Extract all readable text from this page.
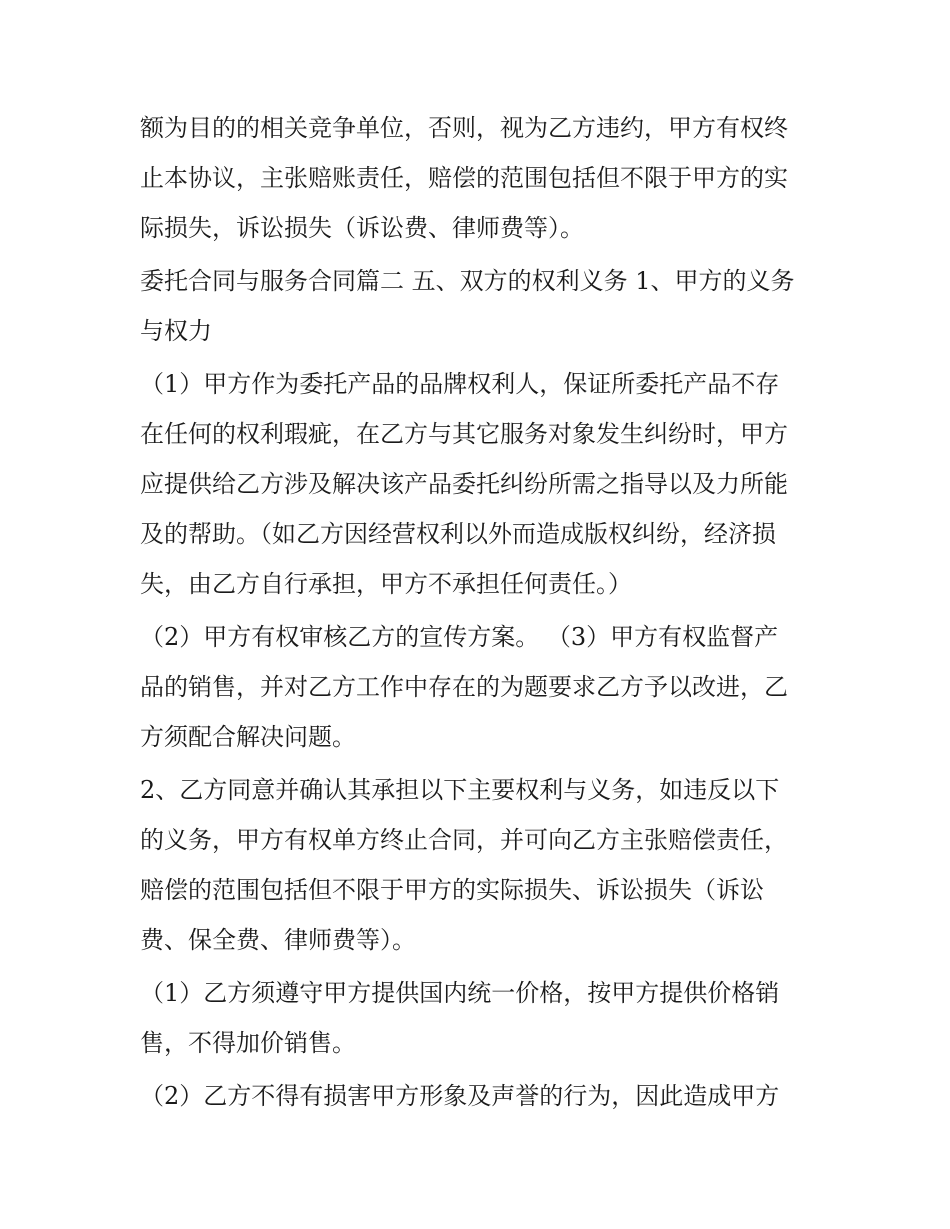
额为目的的相关竞争单位，否则，视为乙方违约，甲方有权终
止本协议，主张赔账责任，赔偿的范围包括但不限于甲方的实
际损失，诉讼损失（诉讼费、律师费等）。
委托合同与服务合同篇二 五、双方的权利义务 1、甲方的义务
与权力
（1）甲方作为委托产品的品牌权利人，保证所委托产品不存
在任何的权利瑕疵，在乙方与其它服务对象发生纠纷时，甲方
应提供给乙方涉及解决该产品委托纠纷所需之指导以及力所能
及的帮助。（如乙方因经营权利以外而造成版权纠纷，经济损
失，由乙方自行承担，甲方不承担任何责任。）
（2）甲方有权审核乙方的宣传方案。 （3）甲方有权监督产
品的销售，并对乙方工作中存在的为题要求乙方予以改进，乙
方须配合解决问题。
2、乙方同意并确认其承担以下主要权利与义务，如违反以下
的义务，甲方有权单方终止合同，并可向乙方主张赔偿责任，
赔偿的范围包括但不限于甲方的实际损失、诉讼损失（诉讼
费、保全费、律师费等）。
（1）乙方须遵守甲方提供国内统一价格，按甲方提供价格销
售，不得加价销售。
（2）乙方不得有损害甲方形象及声誉的行为，因此造成甲方
